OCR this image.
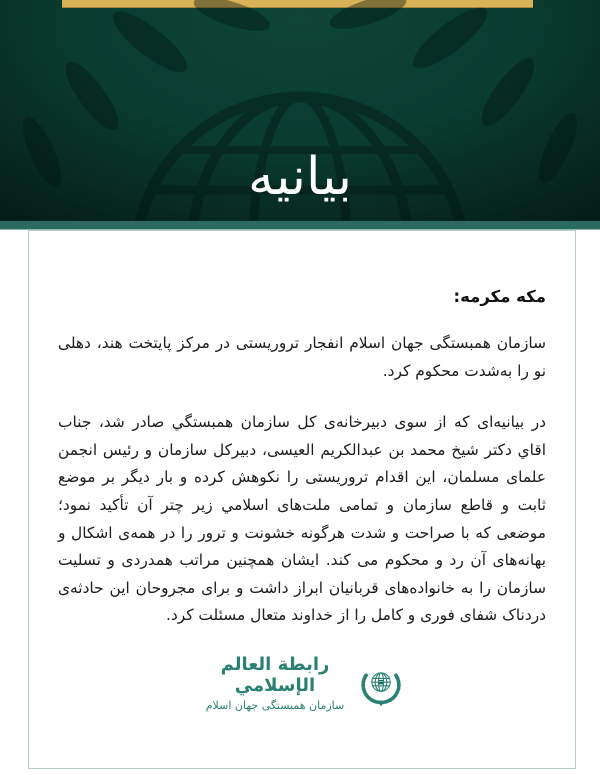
بیانیه
مکه مکرمه:

سازمان همبستگی جهان اسلام انفجار تروریستی در مرکز پایتخت هند، دهلی نو را به‌شدت محکوم کرد.

در بیانیه‌ای که از سوی دبیرخانه‌ی کل سازمان همبستگي صادر شد، جناب اقاي دکتر شیخ محمد بن عبدالکریم العیسی، دبیرکل سازمان و رئیس انجمن علمای مسلمان، این اقدام تروریستی را نکوهش کرده و بار دیگر بر موضع ثابت و قاطع سازمان و تمامی ملت‌های اسلامي زیر چتر آن تأکید نمود؛ موضعی که با صراحت و شدت هرگونه خشونت و ترور را در همه‌ی اشکال و بهانه‌های آن رد و محکوم می کند. ایشان همچنین مراتب همدردی و تسلیت سازمان را به خانواده‌های قربانیان ابراز داشت و برای مجروحان این حادثه‌ی دردناک شفای فوری و کامل را از خداوند متعال مسئلت کرد.

رابطة العالم الإسلامي
سازمان همبستگی جهان اسلام
